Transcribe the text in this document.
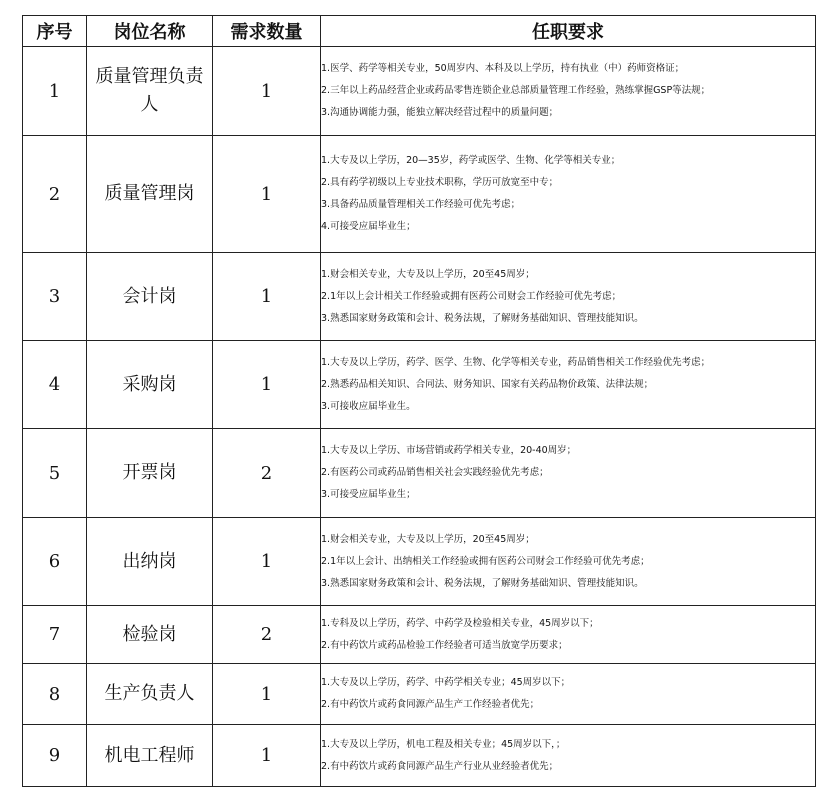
序号	岗位名称	需求数量	任职要求
1	质量管理负责人	1	1.医学、药学等相关专业，50周岁内、本科及以上学历，持有执业（中）药师资格证；
2.三年以上药品经营企业或药品零售连锁企业总部质量管理工作经验，熟练掌握GSP等法规；
3.沟通协调能力强，能独立解决经营过程中的质量问题；

2	质量管理岗	1	1.大专及以上学历，20—35岁，药学或医学、生物、化学等相关专业；
2.具有药学初级以上专业技术职称，学历可放宽至中专；
3.具备药品质量管理相关工作经验可优先考虑；
4.可接受应届毕业生；

3	会计岗	1	1.财会相关专业，大专及以上学历，20至45周岁；
2.1年以上会计相关工作经验或拥有医药公司财会工作经验可优先考虑；
3.熟悉国家财务政策和会计、税务法规，了解财务基础知识、管理技能知识。

4	采购岗	1	1.大专及以上学历，药学、医学、生物、化学等相关专业，药品销售相关工作经验优先考虑；
2.熟悉药品相关知识、合同法、财务知识、国家有关药品物价政策、法律法规；
3.可接收应届毕业生。

5	开票岗	2	1.大专及以上学历、市场营销或药学相关专业，20-40周岁；
2.有医药公司或药品销售相关社会实践经验优先考虑；
3.可接受应届毕业生；

6	出纳岗	1	1.财会相关专业，大专及以上学历，20至45周岁；
2.1年以上会计、出纳相关工作经验或拥有医药公司财会工作经验可优先考虑；
3.熟悉国家财务政策和会计、税务法规，了解财务基础知识、管理技能知识。

7	检验岗	2	1.专科及以上学历，药学、中药学及检验相关专业，45周岁以下；
2.有中药饮片或药品检验工作经验者可适当放宽学历要求；

8	生产负责人	1	1.大专及以上学历，药学、中药学相关专业；45周岁以下；
2.有中药饮片或药食同源产品生产工作经验者优先；

9	机电工程师	1	1.大专及以上学历，机电工程及相关专业；45周岁以下，；
2.有中药饮片或药食同源产品生产行业从业经验者优先；
